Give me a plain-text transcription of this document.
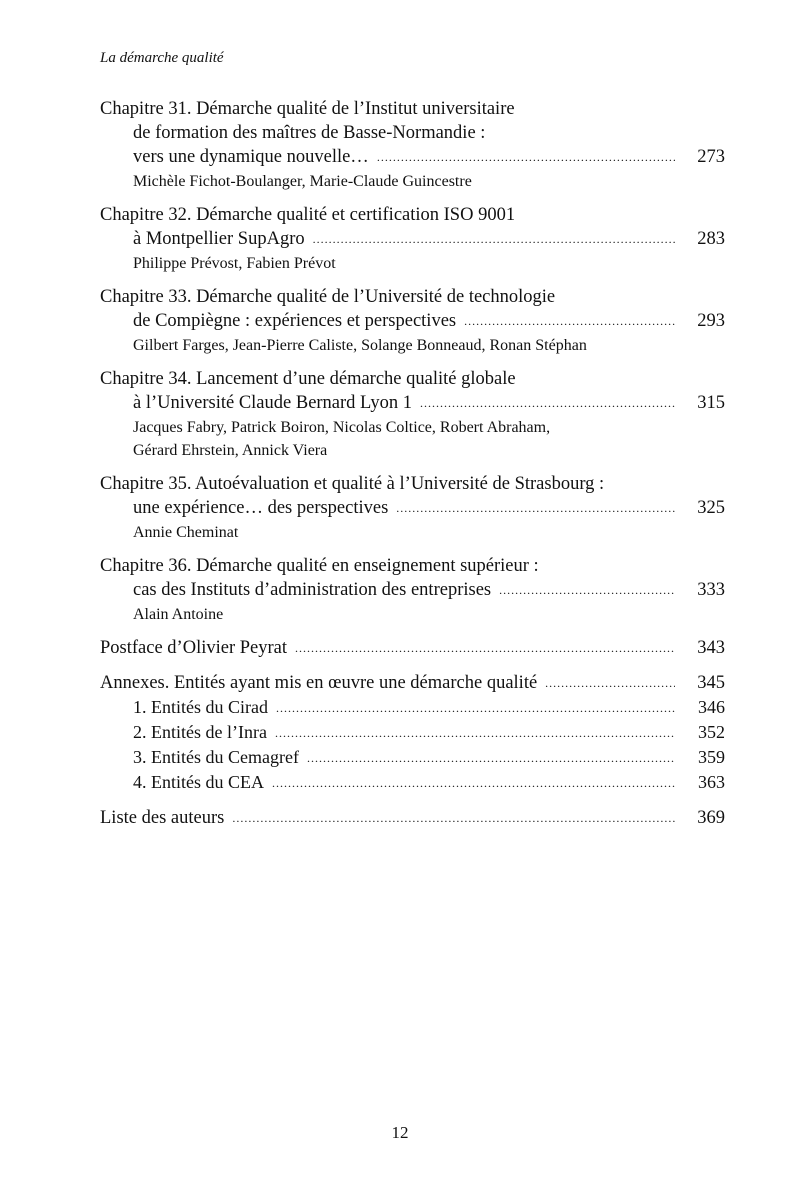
La démarche qualité
Chapitre 31. Démarche qualité de l’Institut universitaire
de formation des maîtres de Basse-Normandie :
vers une dynamique nouvelle… .....	273
Michèle Fichot-Boulanger, Marie-Claude Guincestre
Chapitre 32. Démarche qualité et certification ISO 9001
à Montpellier SupAgro .....	283
Philippe Prévost, Fabien Prévot
Chapitre 33. Démarche qualité de l’Université de technologie
de Compiègne : expériences et perspectives .....	293
Gilbert Farges, Jean-Pierre Caliste, Solange Bonneaud, Ronan Stéphan
Chapitre 34. Lancement d’une démarche qualité globale
à l’Université Claude Bernard Lyon 1 .....	315
Jacques Fabry, Patrick Boiron, Nicolas Coltice, Robert Abraham,
Gérard Ehrstein, Annick Viera
Chapitre 35. Autoévaluation et qualité à l’Université de Strasbourg :
une expérience… des perspectives .....	325
Annie Cheminat
Chapitre 36. Démarche qualité en enseignement supérieur :
cas des Instituts d’administration des entreprises .....	333
Alain Antoine
Postface d’Olivier Peyrat .....	343
Annexes. Entités ayant mis en œuvre une démarche qualité .....	345
1. Entités du Cirad .....	346
2. Entités de l’Inra .....	352
3. Entités du Cemagref .....	359
4. Entités du CEA .....	363
Liste des auteurs .....	369
12
